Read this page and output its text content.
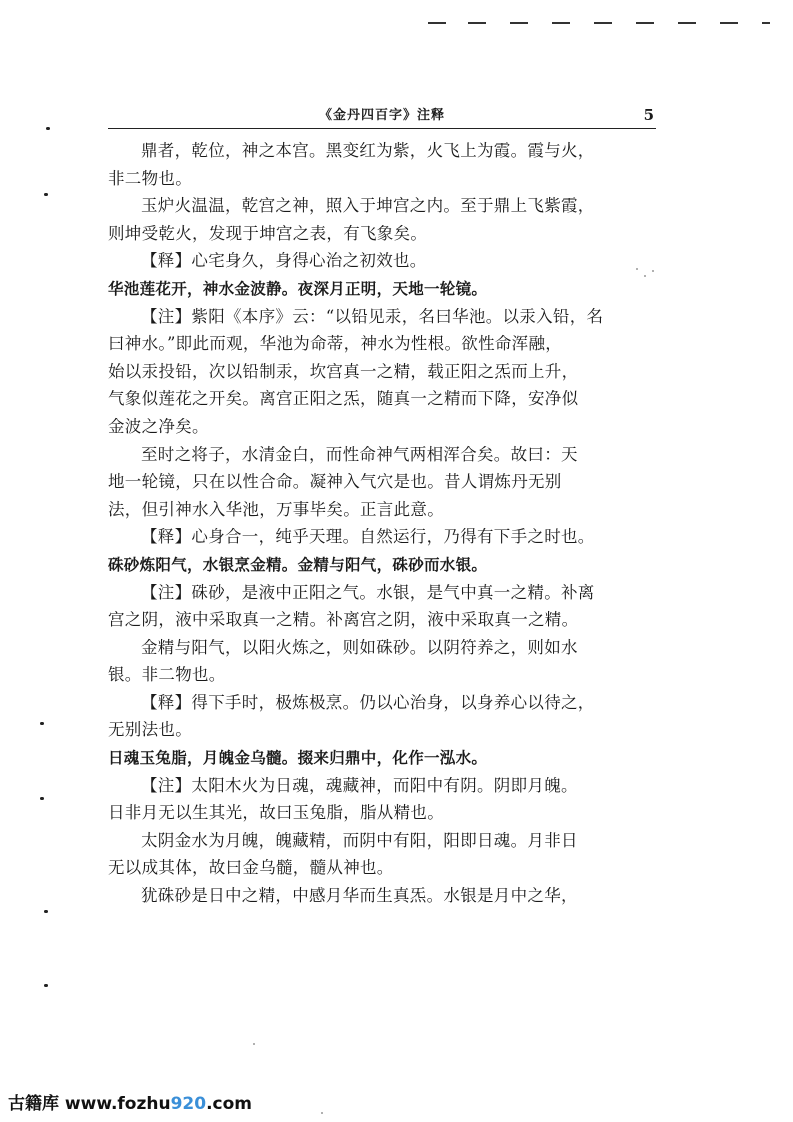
《金丹四百字》注释	5
鼎者，乾位，神之本宫。黑变红为紫，火飞上为霞。霞与火，
非二物也。
玉炉火温温，乾宫之神，照入于坤宫之内。至于鼎上飞紫霞，
则坤受乾火，发现于坤宫之表，有飞象矣。
【释】心宅身久，身得心治之初效也。
华池莲花开，神水金波静。夜深月正明，天地一轮镜。
【注】紫阳《本序》云：“以铅见汞，名曰华池。以汞入铅，名
曰神水。”即此而观，华池为命蒂，神水为性根。欲性命浑融，
始以汞投铅，次以铅制汞，坎宫真一之精，载正阳之炁而上升，
气象似莲花之开矣。离宫正阳之炁，随真一之精而下降，安净似
金波之净矣。
至时之将子，水清金白，而性命神气两相浑合矣。故曰：天
地一轮镜，只在以性合命。凝神入气穴是也。昔人谓炼丹无别
法，但引神水入华池，万事毕矣。正言此意。
【释】心身合一，纯乎天理。自然运行，乃得有下手之时也。
硃砂炼阳气，水银烹金精。金精与阳气，硃砂而水银。
【注】硃砂，是液中正阳之气。水银，是气中真一之精。补离
宫之阴，液中采取真一之精。补离宫之阴，液中采取真一之精。
金精与阳气，以阳火炼之，则如硃砂。以阴符养之，则如水
银。非二物也。
【释】得下手时，极炼极烹。仍以心治身，以身养心以待之，
无别法也。
日魂玉兔脂，月魄金乌髓。掇来归鼎中，化作一泓水。
【注】太阳木火为日魂，魂藏神，而阳中有阴。阴即月魄。
日非月无以生其光，故曰玉兔脂，脂从精也。
太阴金水为月魄，魄藏精，而阴中有阳，阳即日魂。月非日
无以成其体，故曰金乌髓，髓从神也。
犹硃砂是日中之精，中感月华而生真炁。水银是月中之华，
古籍库 www.fozhu920.com
